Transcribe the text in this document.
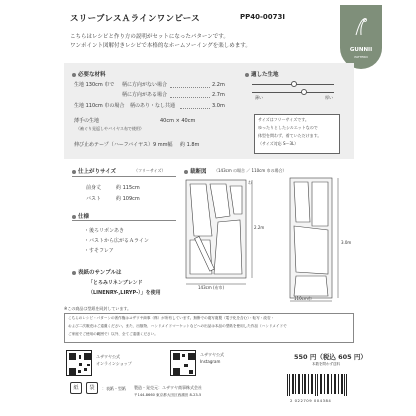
スリーブレスＡラインワンピース	PP40-0073I
こちらはレシピと作り方の説明がセットになったパターンです。
ワンポイント図解付きレシピで本格的なホームソーイングを楽しめます。
GUNNII
PATTERN
必要な材料
生地 130cm 巾で 柄に方向がない場合	2.2m
柄に方向がある場合	2.7m
生地 110cm 巾の場合 柄のあり・なし共通	3.0m
薄手の生地
（袖ぐり見返しやバイヤス布で使用）
40cm × 40cm
伸び止めテープ（ハーフバイヤス）9 mm幅 約 1.8m
適した生地
薄い	厚い
サイズはフリーサイズです。
ゆったりとしたシルエットなので
体型を問わず、着ていただけます。
（サイズ対応 S〜3L）
仕上がりサイズ	（フリーサイズ）
前身丈	約 115cm
バスト	約 109cm
仕様
・後ろリボンあき
・バストから広がるＡライン
・すそフレア
表紙のサンプルは
「とろみリネンブレンド
（LINENRY-,LIRYP-）」を使用
裁断図 （143cm の場合 ／ 110cm 巾の場合）
143cm (布巾)
2.2m
110cm巾
3.0m
わ
※この商品は型紙を同封しています。
こちらのレシピ・パターンの著作権はユザワヤ商事（株）が所有しています。無断での複写複製（電子化を含む）・転写・改変・
および二次販売はご遠慮ください。また、出版物、ハンドメイドマーケットなどへの出品は本品の型紙を使用した作品（ハンドメイドで
ご家庭でご使用の範囲で）以外、全てご遠慮ください。
ユザワヤ公式
オンラインショップ
ユザワヤ公式
Instagram
550 円（税込 605 円）
本数を問わず送料
紙	袋	：表紙・型紙 製造・発売元：ユザワヤ商事株式会社
〒144-8660 東京都大田区西蒲田 8-23-5
2 022709 004384
